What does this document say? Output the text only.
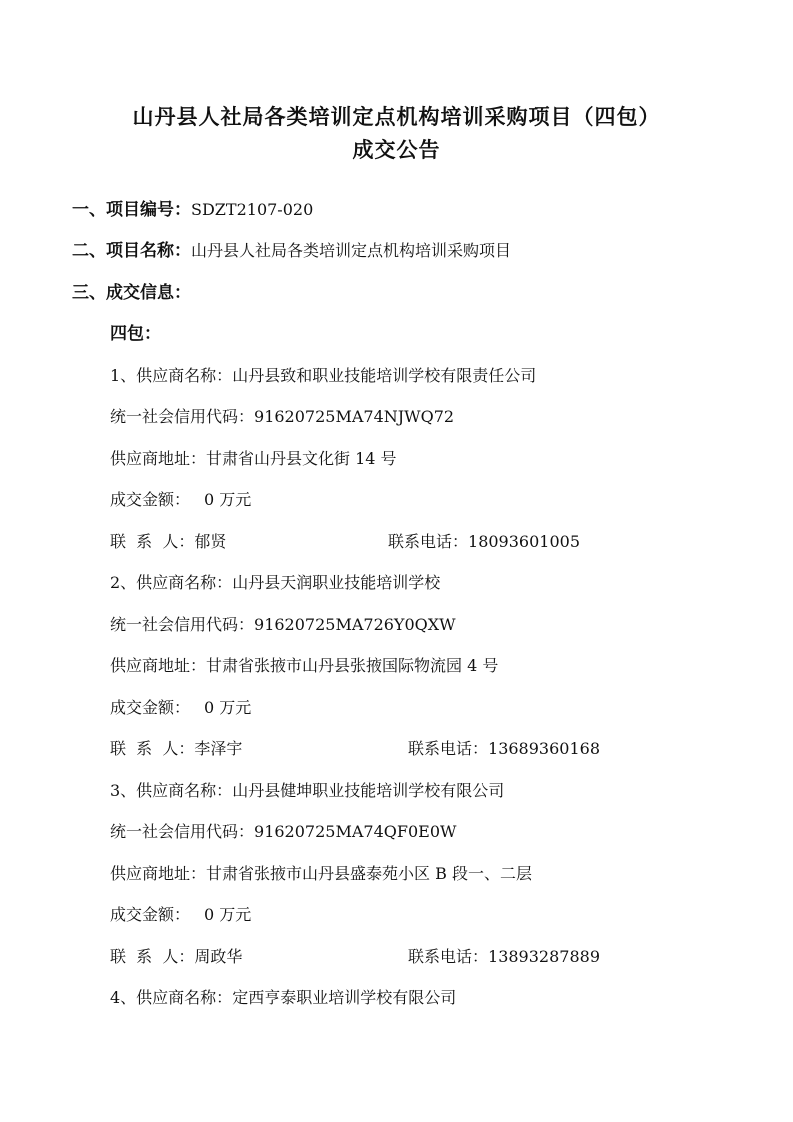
山丹县人社局各类培训定点机构培训采购项目（四包）
成交公告
一、项目编号：SDZT2107-020
二、项目名称：山丹县人社局各类培训定点机构培训采购项目
三、成交信息：
四包：
1、供应商名称：山丹县致和职业技能培训学校有限责任公司
统一社会信用代码：91620725MA74NJWQ72
供应商地址：甘肃省山丹县文化街 14 号
成交金额： 0 万元
联  系  人：郁贤	联系电话：18093601005
2、供应商名称：山丹县天润职业技能培训学校
统一社会信用代码：91620725MA726Y0QXW
供应商地址：甘肃省张掖市山丹县张掖国际物流园 4 号
成交金额： 0 万元
联  系  人：李泽宇	联系电话：13689360168
3、供应商名称：山丹县健坤职业技能培训学校有限公司
统一社会信用代码：91620725MA74QF0E0W
供应商地址：甘肃省张掖市山丹县盛泰苑小区 B 段一、二层
成交金额： 0 万元
联  系  人：周政华	联系电话：13893287889
4、供应商名称：定西亨泰职业培训学校有限公司
